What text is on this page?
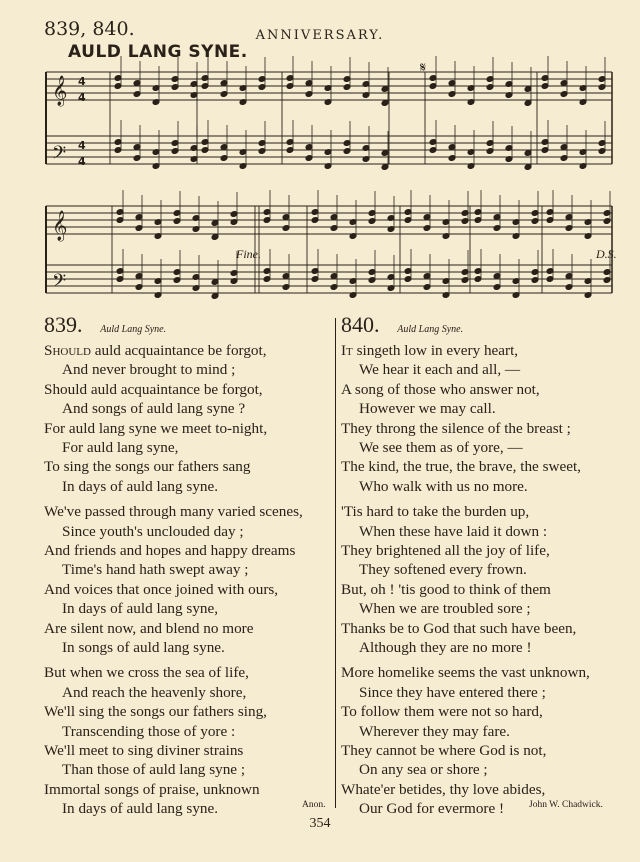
839, 840.	ANNIVERSARY.
AULD LANG SYNE.
𝄞
𝄢
𝄞
𝄢
4
4
4
4
𝄋
Fine.	D.S.
839. Auld Lang Syne.
Should auld acquaintance be forgot,
And never brought to mind ;
Should auld acquaintance be forgot,
And songs of auld lang syne ?
For auld lang syne we meet to-night,
For auld lang syne,
To sing the songs our fathers sang
In days of auld lang syne.
We've passed through many varied scenes,
Since youth's unclouded day ;
And friends and hopes and happy dreams
Time's hand hath swept away ;
And voices that once joined with ours,
In days of auld lang syne,
Are silent now, and blend no more
In songs of auld lang syne.
But when we cross the sea of life,
And reach the heavenly shore,
We'll sing the songs our fathers sing,
Transcending those of yore :
We'll meet to sing diviner strains
Than those of auld lang syne ;
Immortal songs of praise, unknown
In days of auld lang syne.	Anon.
840. Auld Lang Syne.
It singeth low in every heart,
We hear it each and all, —
A song of those who answer not,
However we may call.
They throng the silence of the breast ;
We see them as of yore, —
The kind, the true, the brave, the sweet,
Who walk with us no more.
'Tis hard to take the burden up,
When these have laid it down :
They brightened all the joy of life,
They softened every frown.
But, oh ! 'tis good to think of them
When we are troubled sore ;
Thanks be to God that such have been,
Although they are no more !
More homelike seems the vast unknown,
Since they have entered there ;
To follow them were not so hard,
Wherever they may fare.
They cannot be where God is not,
On any sea or shore ;
Whate'er betides, thy love abides,
Our God for evermore !	John W. Chadwick.
354
